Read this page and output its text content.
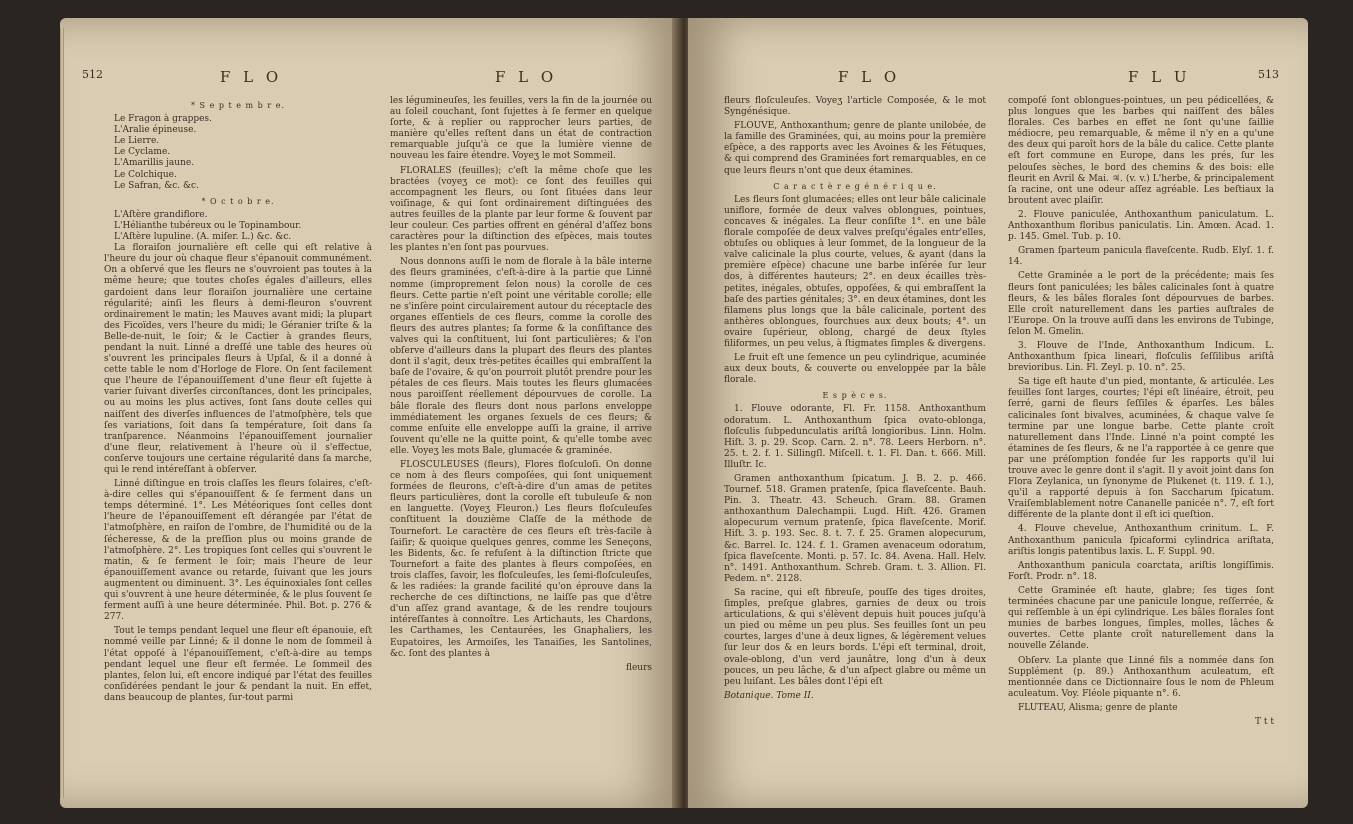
512	F L O	F L O
* S e p t e m b r e.
Le Fragon à grappes.
L'Aralie épineuse.
Le Lierre.
Le Cyclame.
L'Amarillis jaune.
Le Colchique.
Le Safran, &c. &c.
* O c t o b r e.
L'Aſtère grandiflore.
L'Hélianthe tubéreux ou le Topinambour.
L'Aſtère lupuline. (A. miſer. L.) &c. &c.

La floraiſon journalière eſt celle qui eſt relative à l'heure du jour où chaque fleur s'épanouit communément. On a obſervé que les fleurs ne s'ouvroient pas toutes à la même heure; que toutes choſes égales d'ailleurs, elles gardoient dans leur floraiſon journalière une certaine régularité; ainſi les fleurs à demi-fleuron s'ouvrent ordinairement le matin; les Mauves avant midi; la plupart des Ficoïdes, vers l'heure du midi; le Géranier triſte & la Belle-de-nuit, le ſoir; & le Cactier à grandes fleurs, pendant la nuit. Linné a dreſſé une table des heures où s'ouvrent les principales fleurs à Upſal, & il a donné à cette table le nom d'Horloge de Flore. On ſent facilement que l'heure de l'épanouiſſement d'une fleur eſt ſujette à varier ſuivant diverſes circonſtances, dont les principales, ou au moins les plus actives, ſont ſans doute celles qui naiſſent des diverſes influences de l'atmoſphère, tels que ſes variations, ſoit dans ſa température, ſoit dans ſa tranſparence. Néanmoins l'épanouiſſement journalier d'une fleur, relativement à l'heure où il s'effectue, conſerve toujours une certaine régularité dans ſa marche, qui le rend intéreſſant à obſerver.

Linné diſtingue en trois claſſes les fleurs ſolaires, c'eſt-à-dire celles qui s'épanouiſſent & ſe ferment dans un temps déterminé. 1°. Les Météoriques ſont celles dont l'heure de l'épanouiſſement eſt dérangée par l'état de l'atmoſphère, en raiſon de l'ombre, de l'humidité ou de la ſécheresse, & de la preſſion plus ou moins grande de l'atmoſphère. 2°. Les tropiques ſont celles qui s'ouvrent le matin, & ſe ferment le ſoir; mais l'heure de leur épanouiſſement avance ou retarde, ſuivant que les jours augmentent ou diminuent. 3°. Les équinoxiales ſont celles qui s'ouvrent à une heure déterminée, & le plus ſouvent ſe ferment auſſi à une heure déterminée. Phil. Bot. p. 276 & 277.

Tout le temps pendant lequel une fleur eſt épanouie, eſt nommé veille par Linné; & il donne le nom de ſommeil à l'état oppoſé à l'épanouiſſement, c'eſt-à-dire au temps pendant lequel une fleur eſt fermée. Le ſommeil des plantes, ſelon lui, eſt encore indiqué par l'état des feuilles conſidérées pendant le jour & pendant la nuit. En effet, dans beaucoup de plantes, ſur-tout parmi

les légumineuſes, les feuilles, vers la fin de la journée ou au ſoleil couchant, ſont ſujettes à ſe fermer en quelque ſorte, & à replier ou rapprocher leurs parties, de manière qu'elles reſtent dans un état de contraction remarquable juſqu'à ce que la lumière vienne de nouveau les faire étendre. Voyeʒ le mot Sommeil.

FLORALES (feuilles); c'eſt la même choſe que les bractées (voyeʒ ce mot): ce ſont des feuilles qui accompagnent les fleurs, ou ſont ſituées dans leur voiſinage, & qui ſont ordinairement diſtinguées des autres feuilles de la plante par leur forme & ſouvent par leur couleur. Ces parties offrent en général d'aſſez bons caractères pour la diſtinction des eſpèces, mais toutes les plantes n'en ſont pas pourvues.

Nous donnons auſſi le nom de florale à la bâle interne des fleurs graminées, c'eſt-à-dire à la partie que Linné nomme (improprement ſelon nous) la corolle de ces fleurs. Cette partie n'eſt point une véritable corolle; elle ne s'inſère point circulairement autour du réceptacle des organes eſſentiels de ces fleurs, comme la corolle des fleurs des autres plantes; ſa forme & la conſiſtance des valves qui la conſtituent, lui ſont particulières; & l'on obſerve d'ailleurs dans la plupart des fleurs des plantes dont il s'agit, deux très-petites écailles qui embraſſent la baſe de l'ovaire, & qu'on pourroit plutôt prendre pour les pétales de ces fleurs. Mais toutes les fleurs glumacées nous paroiſſent réellement dépourvues de corolle. La bâle florale des fleurs dont nous parlons enveloppe immédiatement les organes ſexuels de ces fleurs; & comme enſuite elle enveloppe auſſi la graine, il arrive ſouvent qu'elle ne la quitte point, & qu'elle tombe avec elle. Voyeʒ les mots Bale, glumacée & graminée.

FLOSCULEUSES (fleurs), Flores floſculoſi. On donne ce nom à des fleurs compoſées, qui ſont uniquement formées de fleurons, c'eſt-à-dire d'un amas de petites fleurs particulières, dont la corolle eſt tubuleuſe & non en languette. (Voyeʒ Fleuron.) Les fleurs floſculeuſes conſtituent la douzième Claſſe de la méthode de Tournefort. Le caractère de ces fleurs eſt très-facile à ſaiſir; & quoique quelques genres, comme les Seneçons, les Bidents, &c. ſe refuſent à la diſtinction ſtricte que Tournefort a faite des plantes à fleurs compoſées, en trois claſſes, ſavoir, les floſculeuſes, les ſemi-floſculeuſes, & les radiées: la grande facilité qu'on éprouve dans la recherche de ces diſtinctions, ne laiſſe pas que d'être d'un aſſez grand avantage, & de les rendre toujours intéreſſantes à connoître. Les Artichauts, les Chardons, les Carthames, les Centaurées, les Gnaphaliers, les Eupatoires, les Armoiſes, les Tanaiſies, les Santolines, &c. ſont des plantes à

fleurs
F L O	F L U	513

fleurs floſculeuſes. Voyeʒ l'article Composée, & le mot Syngénésique.

FLOUVE, Anthoxanthum; genre de plante unilobée, de la famille des Graminées, qui, au moins pour la première eſpèce, a des rapports avec les Avoines & les Fétuques, & qui comprend des Graminées fort remarquables, en ce que leurs fleurs n'ont que deux étamines.

C a r a c t è r e g é n é r i q u e.

Les fleurs ſont glumacées; elles ont leur bâle calicinale uniflore, formée de deux valves oblongues, pointues, concaves & inégales. La fleur conſiſte 1°. en une bâle florale compoſée de deux valves preſqu'égales entr'elles, obtuſes ou obliques à leur ſommet, de la longueur de la valve calicinale la plus courte, velues, & ayant (dans la première eſpèce) chacune une barbe inſérée ſur leur dos, à différentes hauteurs; 2°. en deux écailles très-petites, inégales, obtuſes, oppoſées, & qui embraſſent la baſe des parties génitales; 3°. en deux étamines, dont les filamens plus longs que la bâle calicinale, portent des anthères oblongues, fourchues aux deux bouts; 4°. un ovaire ſupérieur, oblong, chargé de deux ſtyles filiformes, un peu velus, à ſtigmates ſimples & divergens.

Le fruit eſt une ſemence un peu cylindrique, acuminée aux deux bouts, & couverte ou enveloppée par la bâle florale.

E s p è c e s.

1. Flouve odorante, Fl. Fr. 1158. Anthoxanthum odoratum. L. Anthoxanthum ſpica ovato-oblonga, floſculis ſubpedunculatis ariſtâ longioribus. Linn. Holm. Hiſt. 3. p. 29. Scop. Carn. 2. n°. 78. Leers Herborn. n°. 25. t. 2. f. 1. Sillingſl. Miſcell. t. 1. Fl. Dan. t. 666. Mill. Illuſtr. Ic.

Gramen anthoxanthum ſpicatum. J. B. 2. p. 466. Tournef. 518. Gramen pratenſe, ſpica flaveſcente. Bauh. Pin. 3. Theatr. 43. Scheuch. Gram. 88. Gramen anthoxanthum Dalechampii. Lugd. Hiſt. 426. Gramen alopecurum vernum pratenſe, ſpica flaveſcente. Morif. Hiſt. 3. p. 193. Sec. 8. t. 7. f. 25. Gramen alopecurum, &c. Barrel. Ic. 124. f. 1. Gramen avenaceum odoratum, ſpica flaveſcente. Monti. p. 57. Ic. 84. Avena. Hall. Helv. n°. 1491. Anthoxanthum. Schreb. Gram. t. 3. Allion. Fl. Pedem. n°. 2128.

Sa racine, qui eſt fibreuſe, pouſſe des tiges droites, ſimples, preſque glabres, garnies de deux ou trois articulations, & qui s'élèvent depuis huit pouces juſqu'à un pied ou même un peu plus. Ses feuilles ſont un peu courtes, larges d'une à deux lignes, & légèrement velues ſur leur dos & en leurs bords. L'épi eſt terminal, droit, ovale-oblong, d'un verd jaunâtre, long d'un à deux pouces, un peu lâche, & d'un aſpect glabre ou même un peu luiſant. Les bâles dont l'épi eſt

Botanique. Tome II.

compoſé ſont oblongues-pointues, un peu pédicellées, & plus longues que les barbes qui naiſſent des bâles florales. Ces barbes en effet ne ſont qu'une ſaillie médiocre, peu remarquable, & même il n'y en a qu'une des deux qui paroît hors de la bâle du calice. Cette plante eſt fort commune en Europe, dans les prés, ſur les pelouſes sèches, le bord des chemins & des bois: elle fleurit en Avril & Mai. ♃. (v. v.) L'herbe, & principalement ſa racine, ont une odeur aſſez agréable. Les beſtiaux la broutent avec plaiſir.

2. Flouve paniculée, Anthoxanthum paniculatum. L. Anthoxanthum floribus paniculatis. Lin. Amœn. Acad. 1. p. 145. Gmel. Tub. p. 10.

Gramen ſparteum panicula flaveſcente. Rudb. Elyſ. 1. f. 14.

Cette Graminée a le port de la précédente; mais ſes fleurs ſont paniculées; les bâles calicinales ſont à quatre fleurs, & les bâles florales ſont dépourvues de barbes. Elle croît naturellement dans les parties auſtrales de l'Europe. On la trouve auſſi dans les environs de Tubinge, ſelon M. Gmelin.

3. Flouve de l'Inde, Anthoxanthum Indicum. L. Anthoxanthum ſpica lineari, floſculis ſeſſilibus ariſtâ brevioribus. Lin. Fl. Zeyl. p. 10. n°. 25.

Sa tige eſt haute d'un pied, montante, & articulée. Les feuilles ſont larges, courtes; l'épi eſt linéaire, étroit, peu ſerré, garni de fleurs ſeſſiles & éparſes. Les bâles calicinales ſont bivalves, acuminées, & chaque valve ſe termine par une longue barbe. Cette plante croît naturellement dans l'Inde. Linné n'a point compté les étamines de ſes fleurs, & ne l'a rapportée à ce genre que par une préſomption fondée ſur les rapports qu'il lui trouve avec le genre dont il s'agit. Il y avoit joint dans ſon Flora Zeylanica, un ſynonyme de Plukenet (t. 119. f. 1.), qu'il a rapporté depuis à ſon Saccharum ſpicatum. Vraiſemblablement notre Cananelle panicée n°. 7, eſt fort différente de la plante dont il eſt ici queſtion.

4. Flouve chevelue, Anthoxanthum crinitum. L. F. Anthoxanthum panicula ſpicaformi cylindrica ariſtata, ariſtis longis patentibus laxis. L. F. Suppl. 90.

Anthoxanthum panicula coarctata, ariſtis longiſſimis. Forſt. Prodr. n°. 18.

Cette Graminée eſt haute, glabre; ſes tiges ſont terminées chacune par une panicule longue, reſſerrée, & qui reſſemble à un épi cylindrique. Les bâles florales ſont munies de barbes longues, ſimples, molles, lâches & ouvertes. Cette plante croît naturellement dans la nouvelle Zélande.

Obſerv. La plante que Linné fils a nommée dans ſon Supplément (p. 89.) Anthoxanthum aculeatum, eſt mentionnée dans ce Dictionnaire ſous le nom de Phleum aculeatum. Voy. Fléole piquante n°. 6.

FLUTEAU, Alisma; genre de plante

T t t
